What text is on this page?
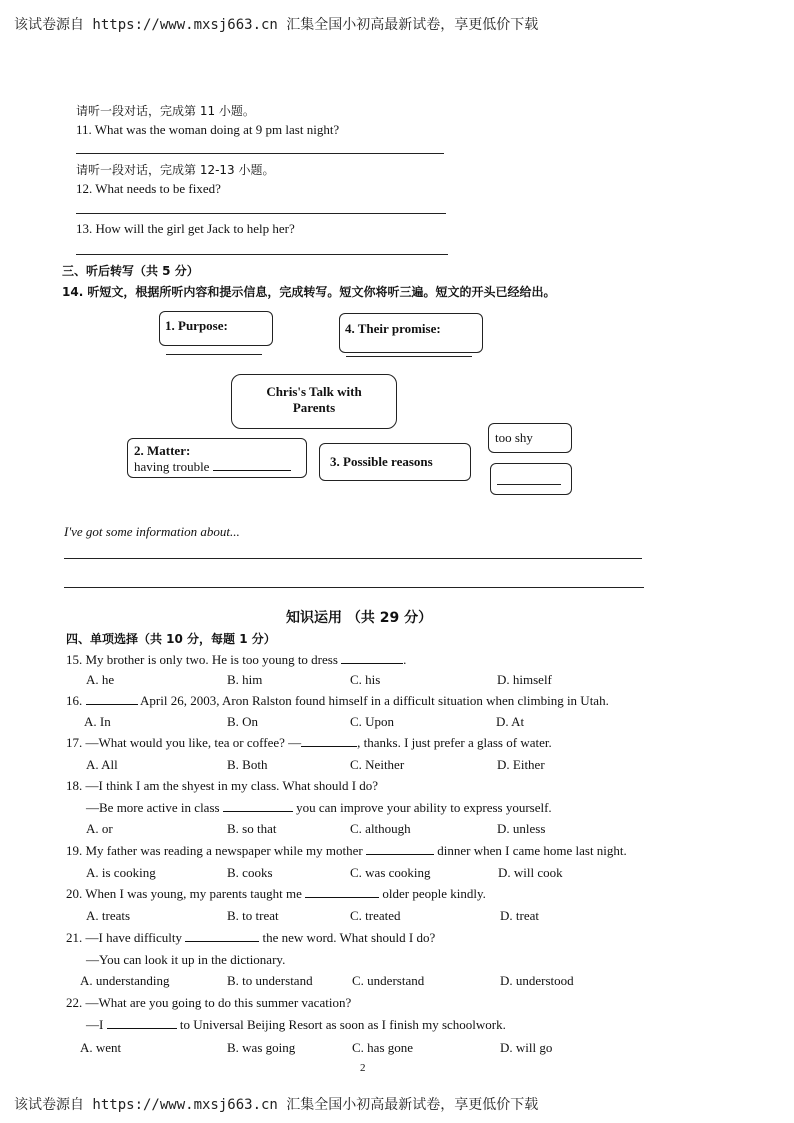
该试卷源自 https://www.mxsj663.cn 汇集全国小初高最新试卷，享更低价下载
请听一段对话，完成第 11 小题。
11. What was the woman doing at 9 pm last night?
请听一段对话，完成第 12-13 小题。
12. What needs to be fixed?
13. How will the girl get Jack to help her?
三、听后转写（共 5 分）
14. 听短文，根据所听内容和提示信息，完成转写。短文你将听三遍。短文的开头已经给出。
1. Purpose:	4. Their promise:
Chris's Talk with Parents
2. Matter:
having trouble	3. Possible reasons
too shy
I've got some information about...
知识运用 （共 29 分）
四、单项选择（共 10 分，每题 1 分）
15. My brother is only two. He is too young to dress	.
A. he	B. him	C. his	D. himself
16.	April 26, 2003, Aron Ralston found himself in a difficult situation when climbing in Utah.
A. In	B. On	C. Upon	D. At
17. —What would you like, tea or coffee? —	, thanks. I just prefer a glass of water.
A. All	B. Both	C. Neither	D. Either
18. —I think I am the shyest in my class. What should I do?
—Be more active in class	you can improve your ability to express yourself.
A. or	B. so that	C. although	D. unless
19. My father was reading a newspaper while my mother	dinner when I came home last night.
A. is cooking	B. cooks	C. was cooking	D. will cook
20. When I was young, my parents taught me	older people kindly.
A. treats	B. to treat	C. treated	D. treat
21. —I have difficulty	the new word. What should I do?
—You can look it up in the dictionary.
A. understanding	B. to understand	C. understand	D. understood
22. —What are you going to do this summer vacation?
—I	to Universal Beijing Resort as soon as I finish my schoolwork.
A. went	B. was going	C. has gone	D. will go
2
该试卷源自 https://www.mxsj663.cn 汇集全国小初高最新试卷，享更低价下载
